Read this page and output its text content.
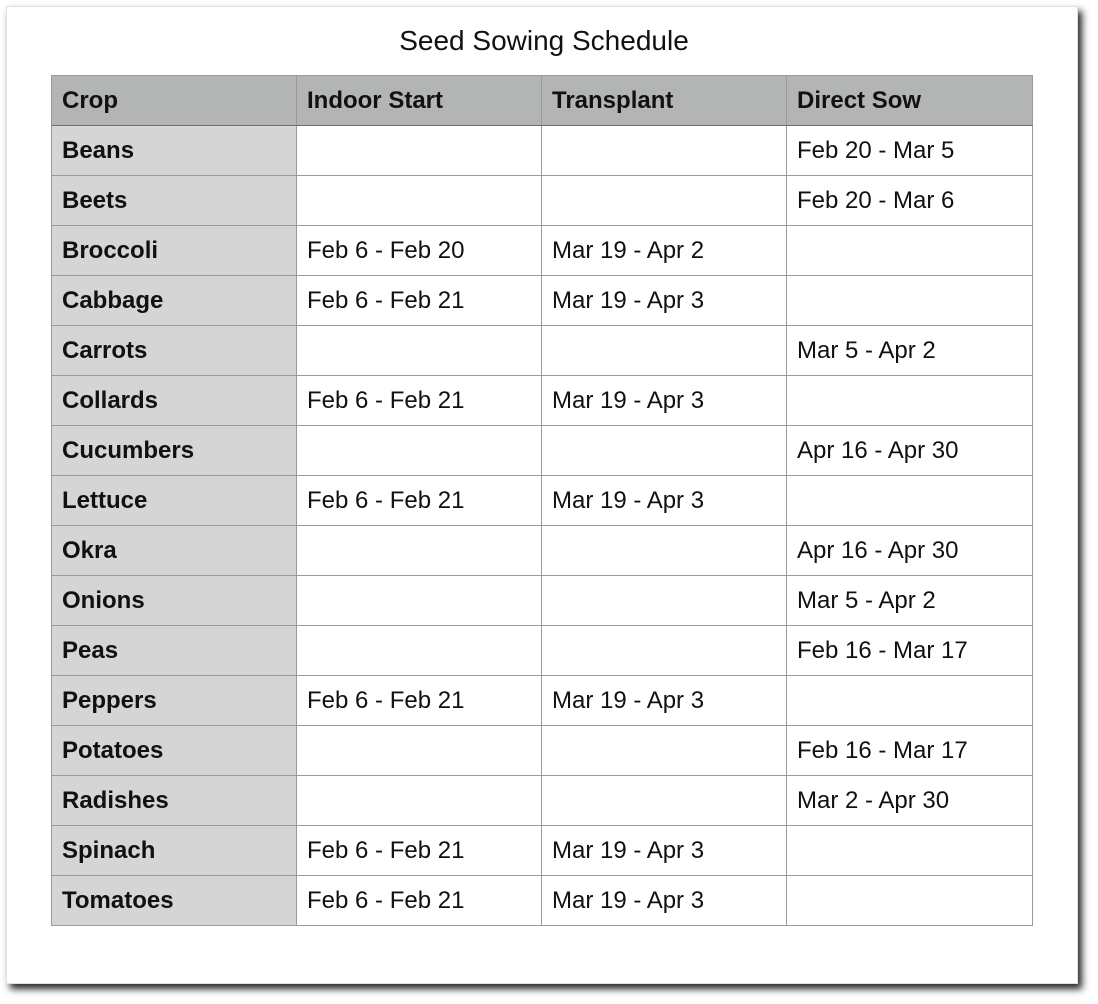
Seed Sowing Schedule
Crop	Indoor Start	Transplant	Direct Sow
Beans			Feb 20 - Mar 5
Beets			Feb 20 - Mar 6
Broccoli	Feb 6 - Feb 20	Mar 19 - Apr 2	
Cabbage	Feb 6 - Feb 21	Mar 19 - Apr 3	
Carrots			Mar 5 - Apr 2
Collards	Feb 6 - Feb 21	Mar 19 - Apr 3	
Cucumbers			Apr 16 - Apr 30
Lettuce	Feb 6 - Feb 21	Mar 19 - Apr 3	
Okra			Apr 16 - Apr 30
Onions			Mar 5 - Apr 2
Peas			Feb 16 - Mar 17
Peppers	Feb 6 - Feb 21	Mar 19 - Apr 3	
Potatoes			Feb 16 - Mar 17
Radishes			Mar 2 - Apr 30
Spinach	Feb 6 - Feb 21	Mar 19 - Apr 3	
Tomatoes	Feb 6 - Feb 21	Mar 19 - Apr 3	
